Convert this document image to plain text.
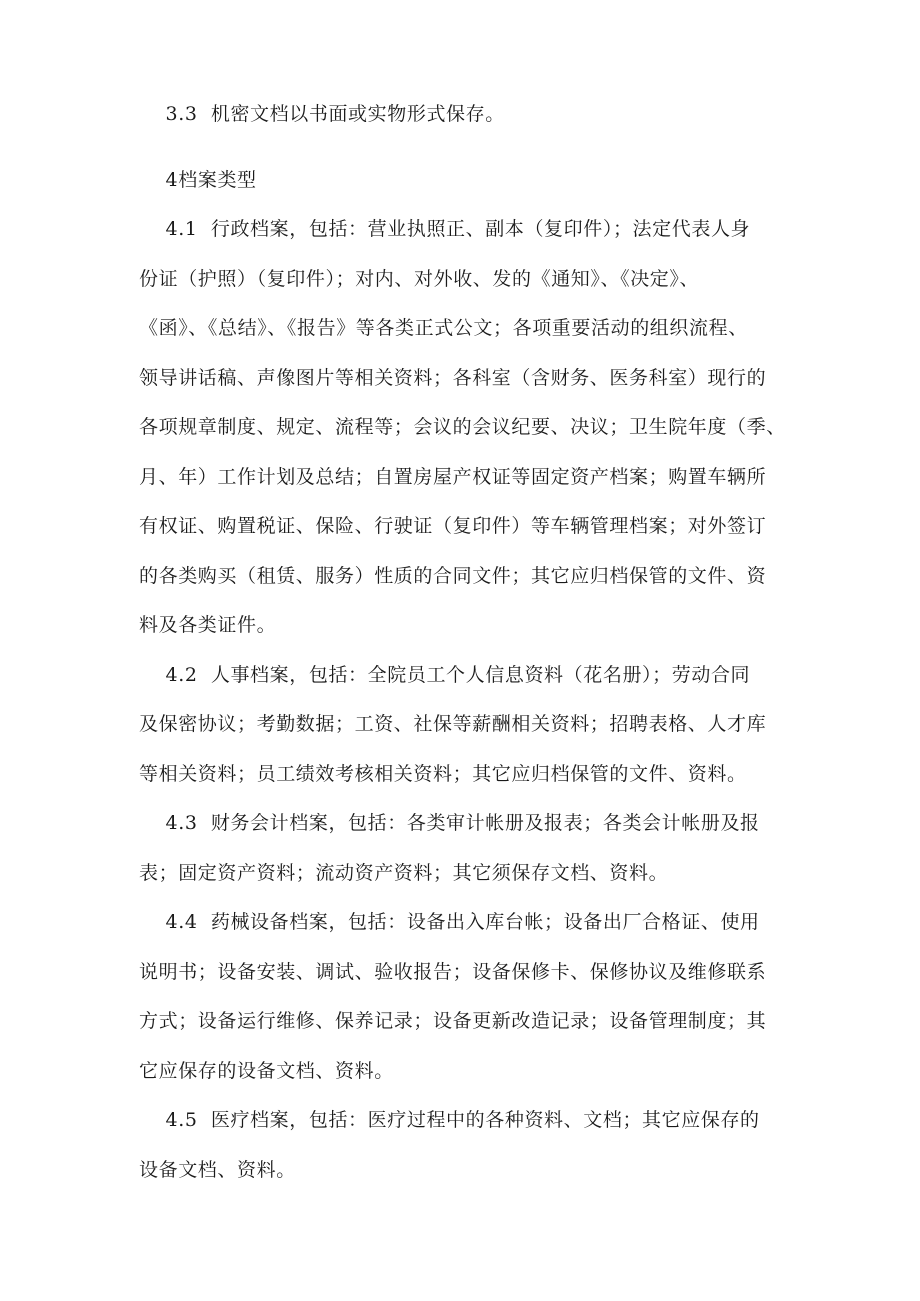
3.3  机密文档以书面或实物形式保存。
4档案类型
4.1  行政档案，包括：营业执照正、副本（复印件）；法定代表人身
份证（护照）（复印件）；对内、对外收、发的《通知》、《决定》、
《函》、《总结》、《报告》等各类正式公文；各项重要活动的组织流程、
领导讲话稿、声像图片等相关资料；各科室（含财务、医务科室）现行的
各项规章制度、规定、流程等；会议的会议纪要、决议；卫生院年度（季、
月、年）工作计划及总结；自置房屋产权证等固定资产档案；购置车辆所
有权证、购置税证、保险、行驶证（复印件）等车辆管理档案；对外签订
的各类购买（租赁、服务）性质的合同文件；其它应归档保管的文件、资
料及各类证件。
4.2  人事档案，包括：全院员工个人信息资料（花名册）；劳动合同
及保密协议；考勤数据；工资、社保等薪酬相关资料；招聘表格、人才库
等相关资料；员工绩效考核相关资料；其它应归档保管的文件、资料。
4.3  财务会计档案，包括：各类审计帐册及报表；各类会计帐册及报
表；固定资产资料；流动资产资料；其它须保存文档、资料。
4.4  药械设备档案，包括：设备出入库台帐；设备出厂合格证、使用
说明书；设备安装、调试、验收报告；设备保修卡、保修协议及维修联系
方式；设备运行维修、保养记录；设备更新改造记录；设备管理制度；其
它应保存的设备文档、资料。
4.5  医疗档案，包括：医疗过程中的各种资料、文档；其它应保存的
设备文档、资料。
